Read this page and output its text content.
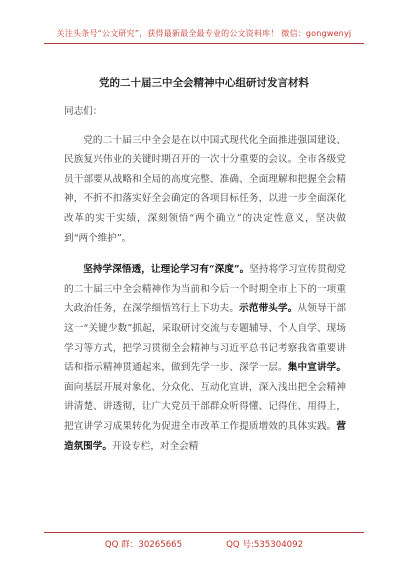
关注头条号“公文研究”，获得最新最全最专业的公文资料库！ 微信：gongwenyj
党的二十届三中全会精神中心组研讨发言材料

同志们：

党的二十届三中全会是在以中国式现代化全面推进强国建设、民族复兴伟业的关键时期召开的一次十分重要的会议。全市各级党员干部要从战略和全局的高度完整、准确、全面理解和把握全会精神，不折不扣落实好全会确定的各项目标任务，以进一步全面深化改革的实干实绩，深刻领悟“两个确立”的决定性意义，坚决做到“两个维护”。

坚持学深悟透，让理论学习有“深度”。坚持将学习宣传贯彻党的二十届三中全会精神作为当前和今后一个时期全市上下的一项重大政治任务，在深学细悟笃行上下功夫。示范带头学。从领导干部这一“关键少数”抓起，采取研讨交流与专题辅导、个人自学、现场学习等方式，把学习贯彻全会精神与习近平总书记考察我省重要讲话和指示精神贯通起来，做到先学一步、深学一层。集中宣讲学。面向基层开展对象化、分众化、互动化宣讲，深入浅出把全会精神讲清楚、讲透彻，让广大党员干部群众听得懂、记得住、用得上，把宣讲学习成果转化为促进全市改革工作提质增效的具体实践。营造氛围学。开设专栏，对全会精

QQ 群：30265665	QQ 号:535304092
